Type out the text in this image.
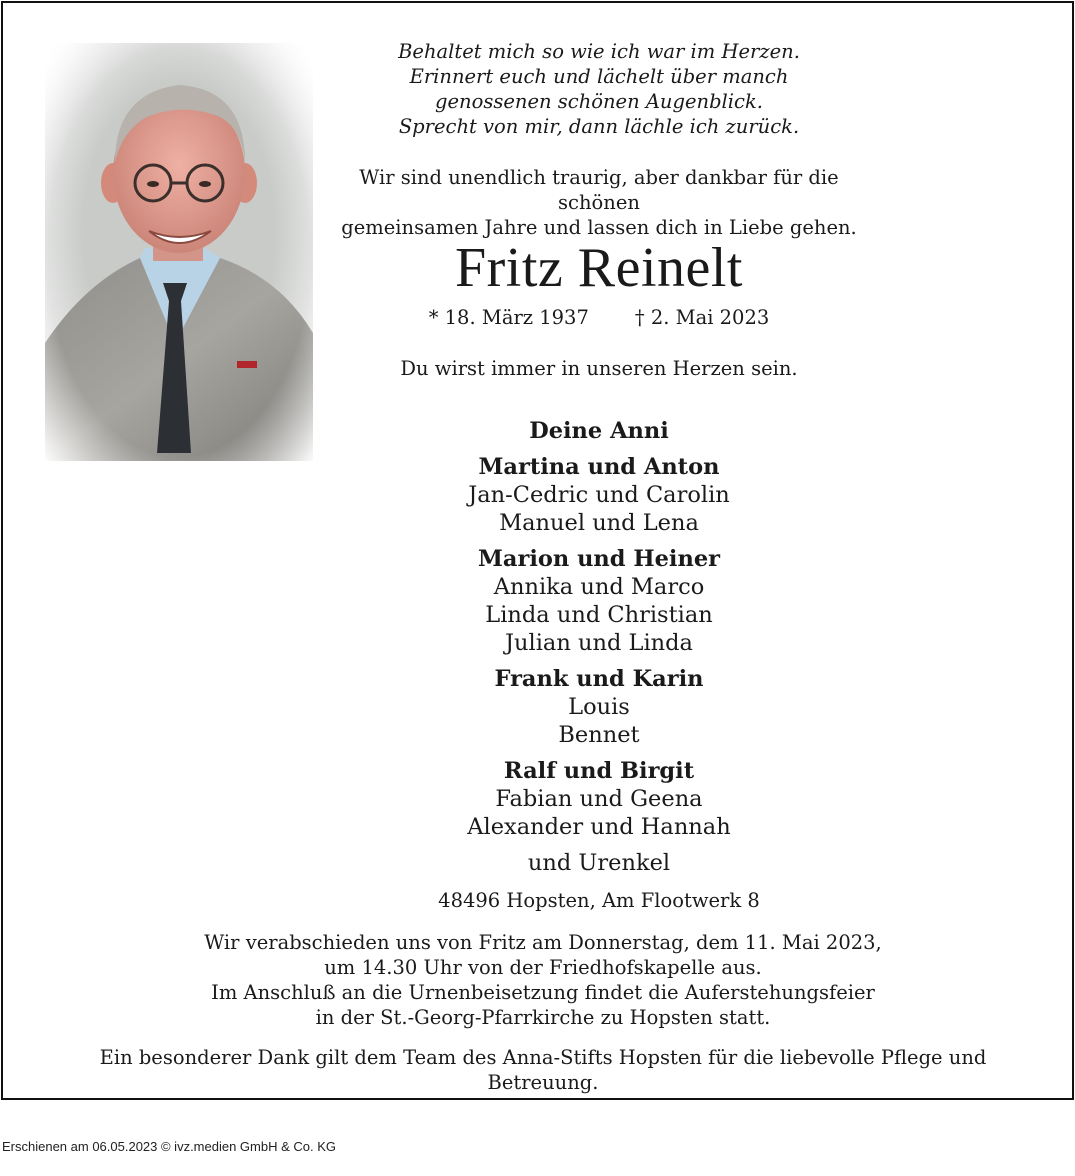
Behaltet mich so wie ich war im Herzen.
Erinnert euch und lächelt über manch
genossenen schönen Augenblick.
Sprecht von mir, dann lächle ich zurück.
Wir sind unendlich traurig, aber dankbar für die schönen
gemeinsamen Jahre und lassen dich in Liebe gehen.
Fritz Reinelt
* 18. März 1937 † 2. Mai 2023
Du wirst immer in unseren Herzen sein.
Deine Anni
Martina und Anton
Jan-Cedric und Carolin
Manuel und Lena
Marion und Heiner
Annika und Marco
Linda und Christian
Julian und Linda
Frank und Karin
Louis
Bennet
Ralf und Birgit
Fabian und Geena
Alexander und Hannah
und Urenkel
48496 Hopsten, Am Flootwerk 8
Wir verabschieden uns von Fritz am Donnerstag, dem 11. Mai 2023,
um 14.30 Uhr von der Friedhofskapelle aus.
Im Anschluß an die Urnenbeisetzung findet die Auferstehungsfeier
in der St.-Georg-Pfarrkirche zu Hopsten statt.
Ein besonderer Dank gilt dem Team des Anna-Stifts Hopsten für die liebevolle Pflege und Betreuung.
Erschienen am 06.05.2023 © ivz.medien GmbH & Co. KG
